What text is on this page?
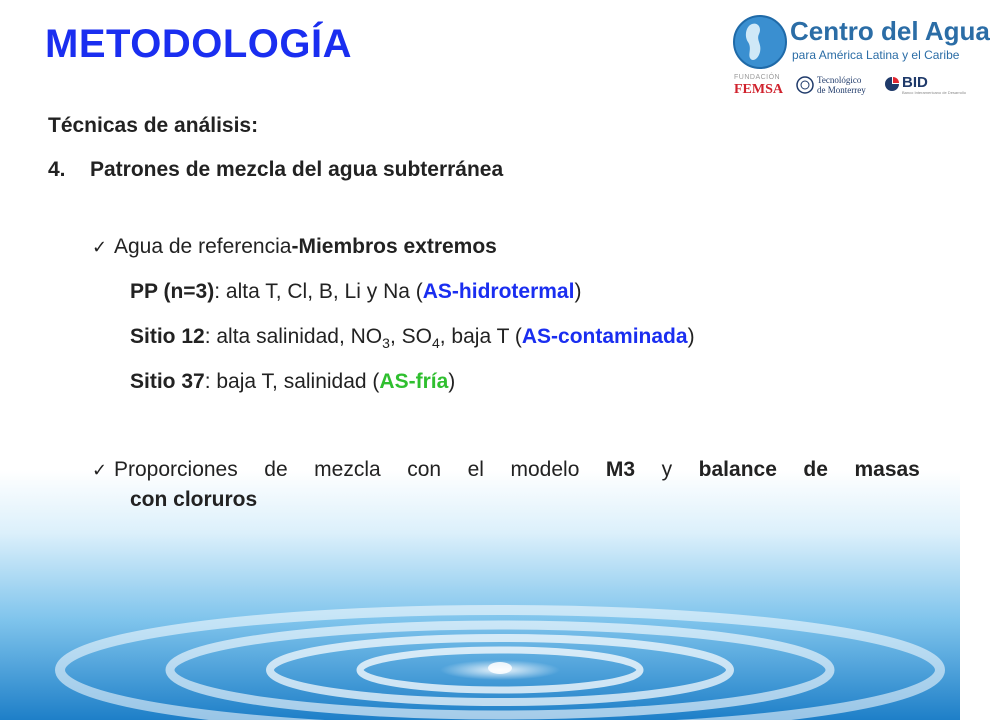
METODOLOGÍA	Centro del Agua
para América Latina y el Caribe
FUNDACIÓN
FEMSA
Tecnológico
de Monterrey BID
Banco Interamericano de Desarrollo
Técnicas de análisis:
4. Patrones de mezcla del agua subterránea
✓ Agua de referencia-Miembros extremos
PP (n=3): alta T, Cl, B, Li y Na (AS-hidrotermal)
Sitio 12: alta salinidad, $NO_3$, $SO_4$, baja T (AS-contaminada)
Sitio 37: baja T, salinidad (AS-fría)
✓ Proporciones de mezcla con el modelo M3 y balance de masas
con cloruros
